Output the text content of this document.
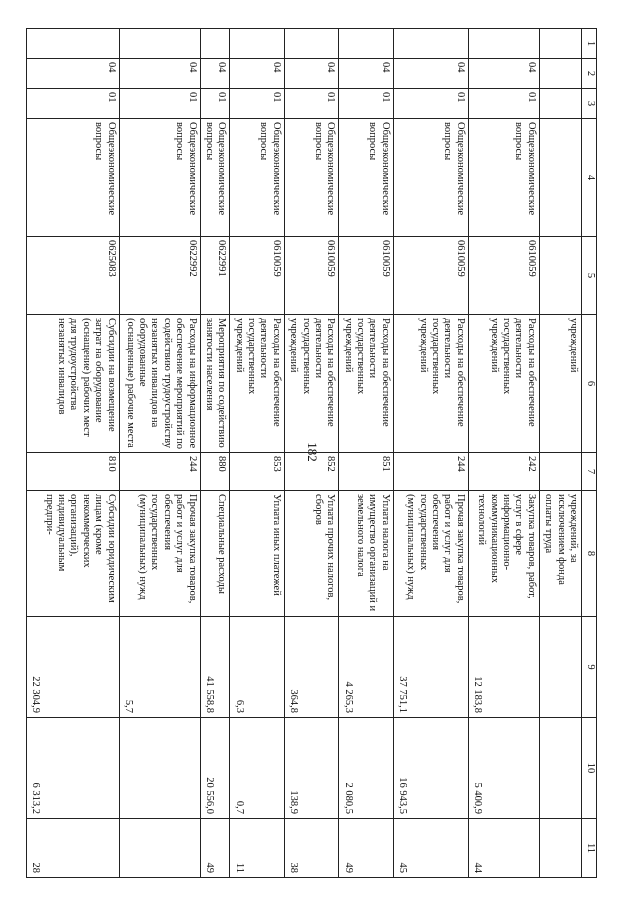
182
1	2	3	4	5	6	7	8	9	10	11
					учреждений		учреждений, за исключением фонда оплаты труда			
	04	01	Общеэкономические вопросы	0610059	Расходы на обеспечение деятельности государственных учреждений	242	Закупка товаров, работ, услуг в сфере информационно-коммуникационных технологий	12 183,8	5 400,9	44
	04	01	Общеэкономические вопросы	0610059	Расходы на обеспечение деятельности государственных учреждений	244	Прочая закупка товаров, работ и услуг для обеспечения государственных (муниципальных) нужд	37 751,1	16 943,5	45
	04	01	Общеэкономические вопросы	0610059	Расходы на обеспечение деятельности государственных учреждений	851	Уплата налога на имущество организаций и земельного налога	4 265,3	2 080,5	49
	04	01	Общеэкономические вопросы	0610059	Расходы на обеспечение деятельности государственных учреждений	852	Уплата прочих налогов, сборов	364,8	138,9	38
	04	01	Общеэкономические вопросы	0610059	Расходы на обеспечение деятельности государственных учреждений	853	Уплата иных платежей	6,3	0,7	11
	04	01	Общеэкономические вопросы	0622991	Мероприятия по содействию занятости населения	880	Специальные расходы	41 558,8	20 556,0	49
	04	01	Общеэкономические вопросы	0622992	Расходы на информационное обеспечение мероприятий по содействию трудоустройству незанятых инвалидов на оборудованные (оснащенные) рабочие места	244	Прочая закупка товаров, работ и услуг для обеспечения государственных (муниципальных) нужд	5,7		
	04	01	Общеэкономические вопросы	0625083	Субсидии на возмещение затрат на оборудование (оснащение) рабочих мест для трудоустройства незанятых инвалидов	810	Субсидии юридическим лицам (кроме некоммерческих организаций), индивидуальным предпри-	22 304,9	6 313,2	28
